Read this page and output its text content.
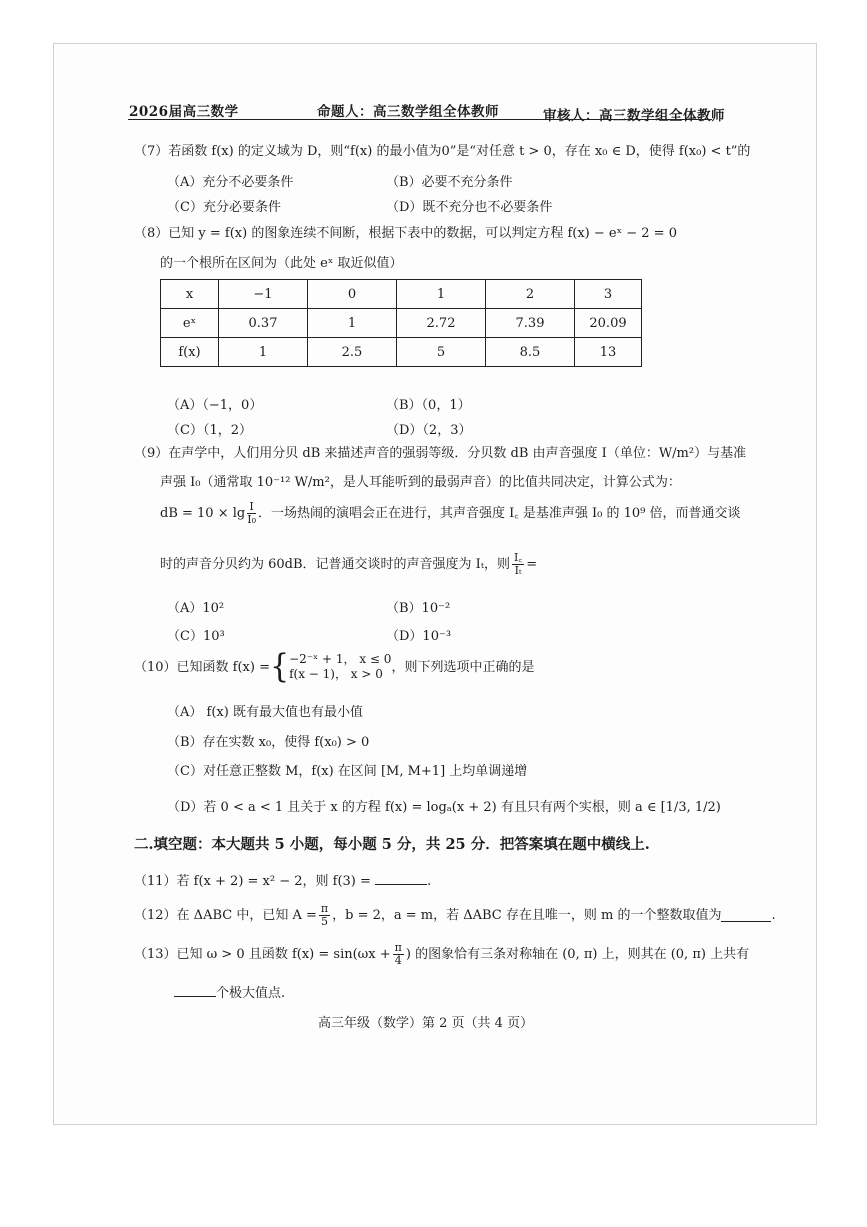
2026届高三数学	命题人：高三数学组全体教师	审核人：高三数学组全体教师
（7）若函数 f(x) 的定义域为 D，则“f(x) 的最小值为0”是“对任意 t > 0，存在 x₀ ∈ D，使得 f(x₀) < t”的
（A）充分不必要条件	（B）必要不充分条件
（C）充分必要条件	（D）既不充分也不必要条件
（8）已知 y = f(x) 的图象连续不间断，根据下表中的数据，可以判定方程 f(x) − eˣ − 2 = 0
的一个根所在区间为（此处 eˣ 取近似值）
x	−1	0	1	2	3
eˣ	0.37	1	2.72	7.39	20.09
f(x)	1	2.5	5	8.5	13
（A）（−1，0）	（B）（0，1）
（C）（1，2）	（D）（2，3）
（9）在声学中，人们用分贝 dB 来描述声音的强弱等级．分贝数 dB 由声音强度 I（单位：W/m²）与基准
声强 I₀（通常取 10⁻¹² W/m²，是人耳能听到的最弱声音）的比值共同决定，计算公式为：
dB = $10 \times \lg \frac{I}{\text{I₀}}$ ．一场热闹的演唱会正在进行，其声音强度 I꜀ 是基准声强 I₀ 的 10⁹ 倍，而普通交谈
时的声音分贝约为 60dB．记普通交谈时的声音强度为 Iₜ，则 $\frac{I꜀}{\text{Iₜ}}$ =
（A）10²	（B）10⁻²
（C）10³	（D）10⁻³
（10）已知函数 f(x) = { −2⁻ˣ + 1， x ≤ 0
f(x − 1)， x > 0 ，则下列选项中正确的是
（A） f(x) 既有最大值也有最小值
（B）存在实数 x₀，使得 f(x₀) > 0
（C）对任意正整数 M，f(x) 在区间 [M, M+1] 上均单调递增
（D）若 0 < a < 1 且关于 x 的方程 f(x) = logₐ(x + 2) 有且只有两个实根，则 a ∈ [1/3, 1/2)
二.填空题：本大题共 5 小题，每小题 5 分，共 25 分．把答案填在题中横线上.
（11）若 f(x + 2) = x² − 2，则 f(3) =	.
（12）在 ΔABC 中，已知 $A = \frac{\pi}{5}$ ，b = 2，a = m，若 ΔABC 存在且唯一，则 m 的一个整数取值为	.
（13）已知 ω > 0 且函数 $f(x) = \sin(\omega x + \frac{\pi}{4}$ ) 的图象恰有三条对称轴在 (0, π) 上，则其在 (0, π) 上共有
个极大值点.
高三年级（数学）第 2 页（共 4 页）
